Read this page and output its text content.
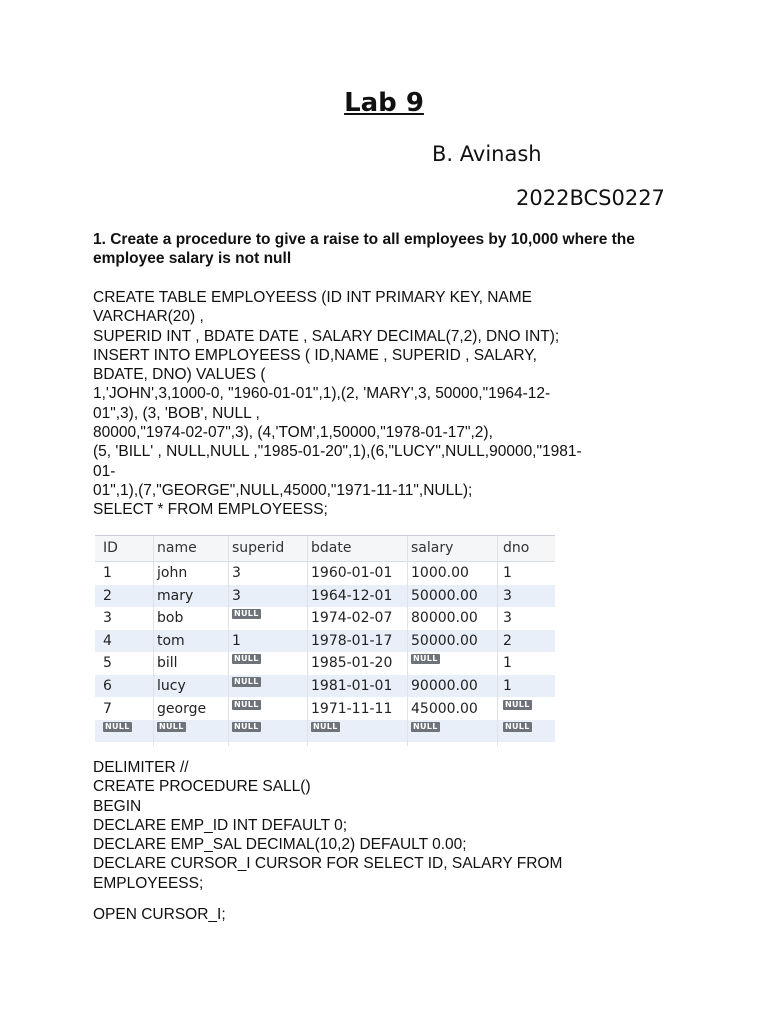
Lab 9
B. Avinash
2022BCS0227
1. Create a procedure to give a raise to all employees by 10,000 where the employee salary is not null
CREATE TABLE EMPLOYEESS (ID INT PRIMARY KEY, NAME
VARCHAR(20) ,
SUPERID INT , BDATE DATE , SALARY DECIMAL(7,2), DNO INT);
INSERT INTO EMPLOYEESS ( ID,NAME , SUPERID , SALARY,
BDATE, DNO) VALUES (
1,'JOHN',3,1000-0, "1960-01-01",1),(2, 'MARY',3, 50000,"1964-12-
01",3), (3, 'BOB', NULL ,
80000,"1974-02-07",3), (4,'TOM',1,50000,"1978-01-17",2),
(5, 'BILL' , NULL,NULL ,"1985-01-20",1),(6,"LUCY",NULL,90000,"1981-
01-
01",1),(7,"GEORGE",NULL,45000,"1971-11-11",NULL);
SELECT * FROM EMPLOYEESS;
ID	name	superid bdate	salary	dno
1	john	3	1960-01-01 1000.00 1
2	mary	3	1964-12-01 50000.00 3
3	bob	NULL	1974-02-07 80000.00 3
4	tom	1	1978-01-17 50000.00 2
5	bill	NULL	1985-01-20	NULL	1
6	lucy	NULL	1981-01-01 90000.00 1
7	george	NULL	1971-11-11 45000.00	NULL
NULL	NULL	NULL	NULL	NULL	NULL
DELIMITER //
CREATE PROCEDURE SALL()
BEGIN
DECLARE EMP_ID INT DEFAULT 0;
DECLARE EMP_SAL DECIMAL(10,2) DEFAULT 0.00;
DECLARE CURSOR_I CURSOR FOR SELECT ID, SALARY FROM
EMPLOYEESS;
OPEN CURSOR_I;
